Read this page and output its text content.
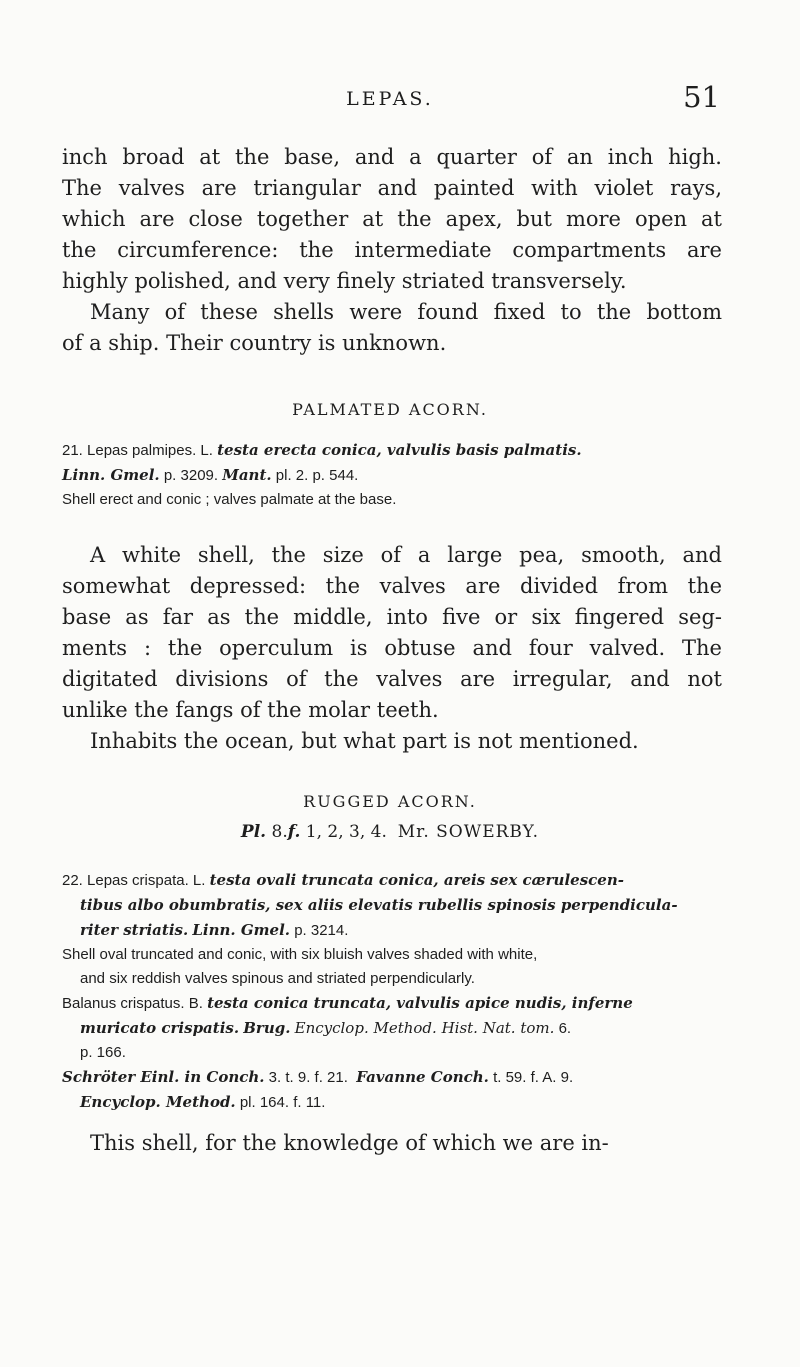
LEPAS.	51
inch broad at the base, and a quarter of an inch high.
The valves are triangular and painted with violet rays,
which are close together at the apex, but more open at
the circumference: the intermediate compartments are
highly polished, and very finely striated transversely.
Many of these shells were found fixed to the bottom
of a ship. Their country is unknown.
PALMATED ACORN.
21. Lepas palmipes. L. testa erecta conica, valvulis basis palmatis.
Linn. Gmel. p. 3209. Mant. pl. 2. p. 544.
Shell erect and conic ; valves palmate at the base.
A white shell, the size of a large pea, smooth, and
somewhat depressed: the valves are divided from the
base as far as the middle, into five or six fingered seg-
ments : the operculum is obtuse and four valved. The
digitated divisions of the valves are irregular, and not
unlike the fangs of the molar teeth.
Inhabits the ocean, but what part is not mentioned.
RUGGED ACORN.
Pl. 8.f. 1, 2, 3, 4. Mr. SOWERBY.
22. Lepas crispata. L. testa ovali truncata conica, areis sex cærulescen-
tibus albo obumbratis, sex aliis elevatis rubellis spinosis perpendicula-
riter striatis. Linn. Gmel. p. 3214.
Shell oval truncated and conic, with six bluish valves shaded with white,
and six reddish valves spinous and striated perpendicularly.
Balanus crispatus. B. testa conica truncata, valvulis apice nudis, inferne
muricato crispatis. Brug. Encyclop. Method. Hist. Nat. tom. 6.
p. 166.
Schröter Einl. in Conch. 3. t. 9. f. 21. Favanne Conch. t. 59. f. A. 9.
Encyclop. Method. pl. 164. f. 11.
This shell, for the knowledge of which we are in-
